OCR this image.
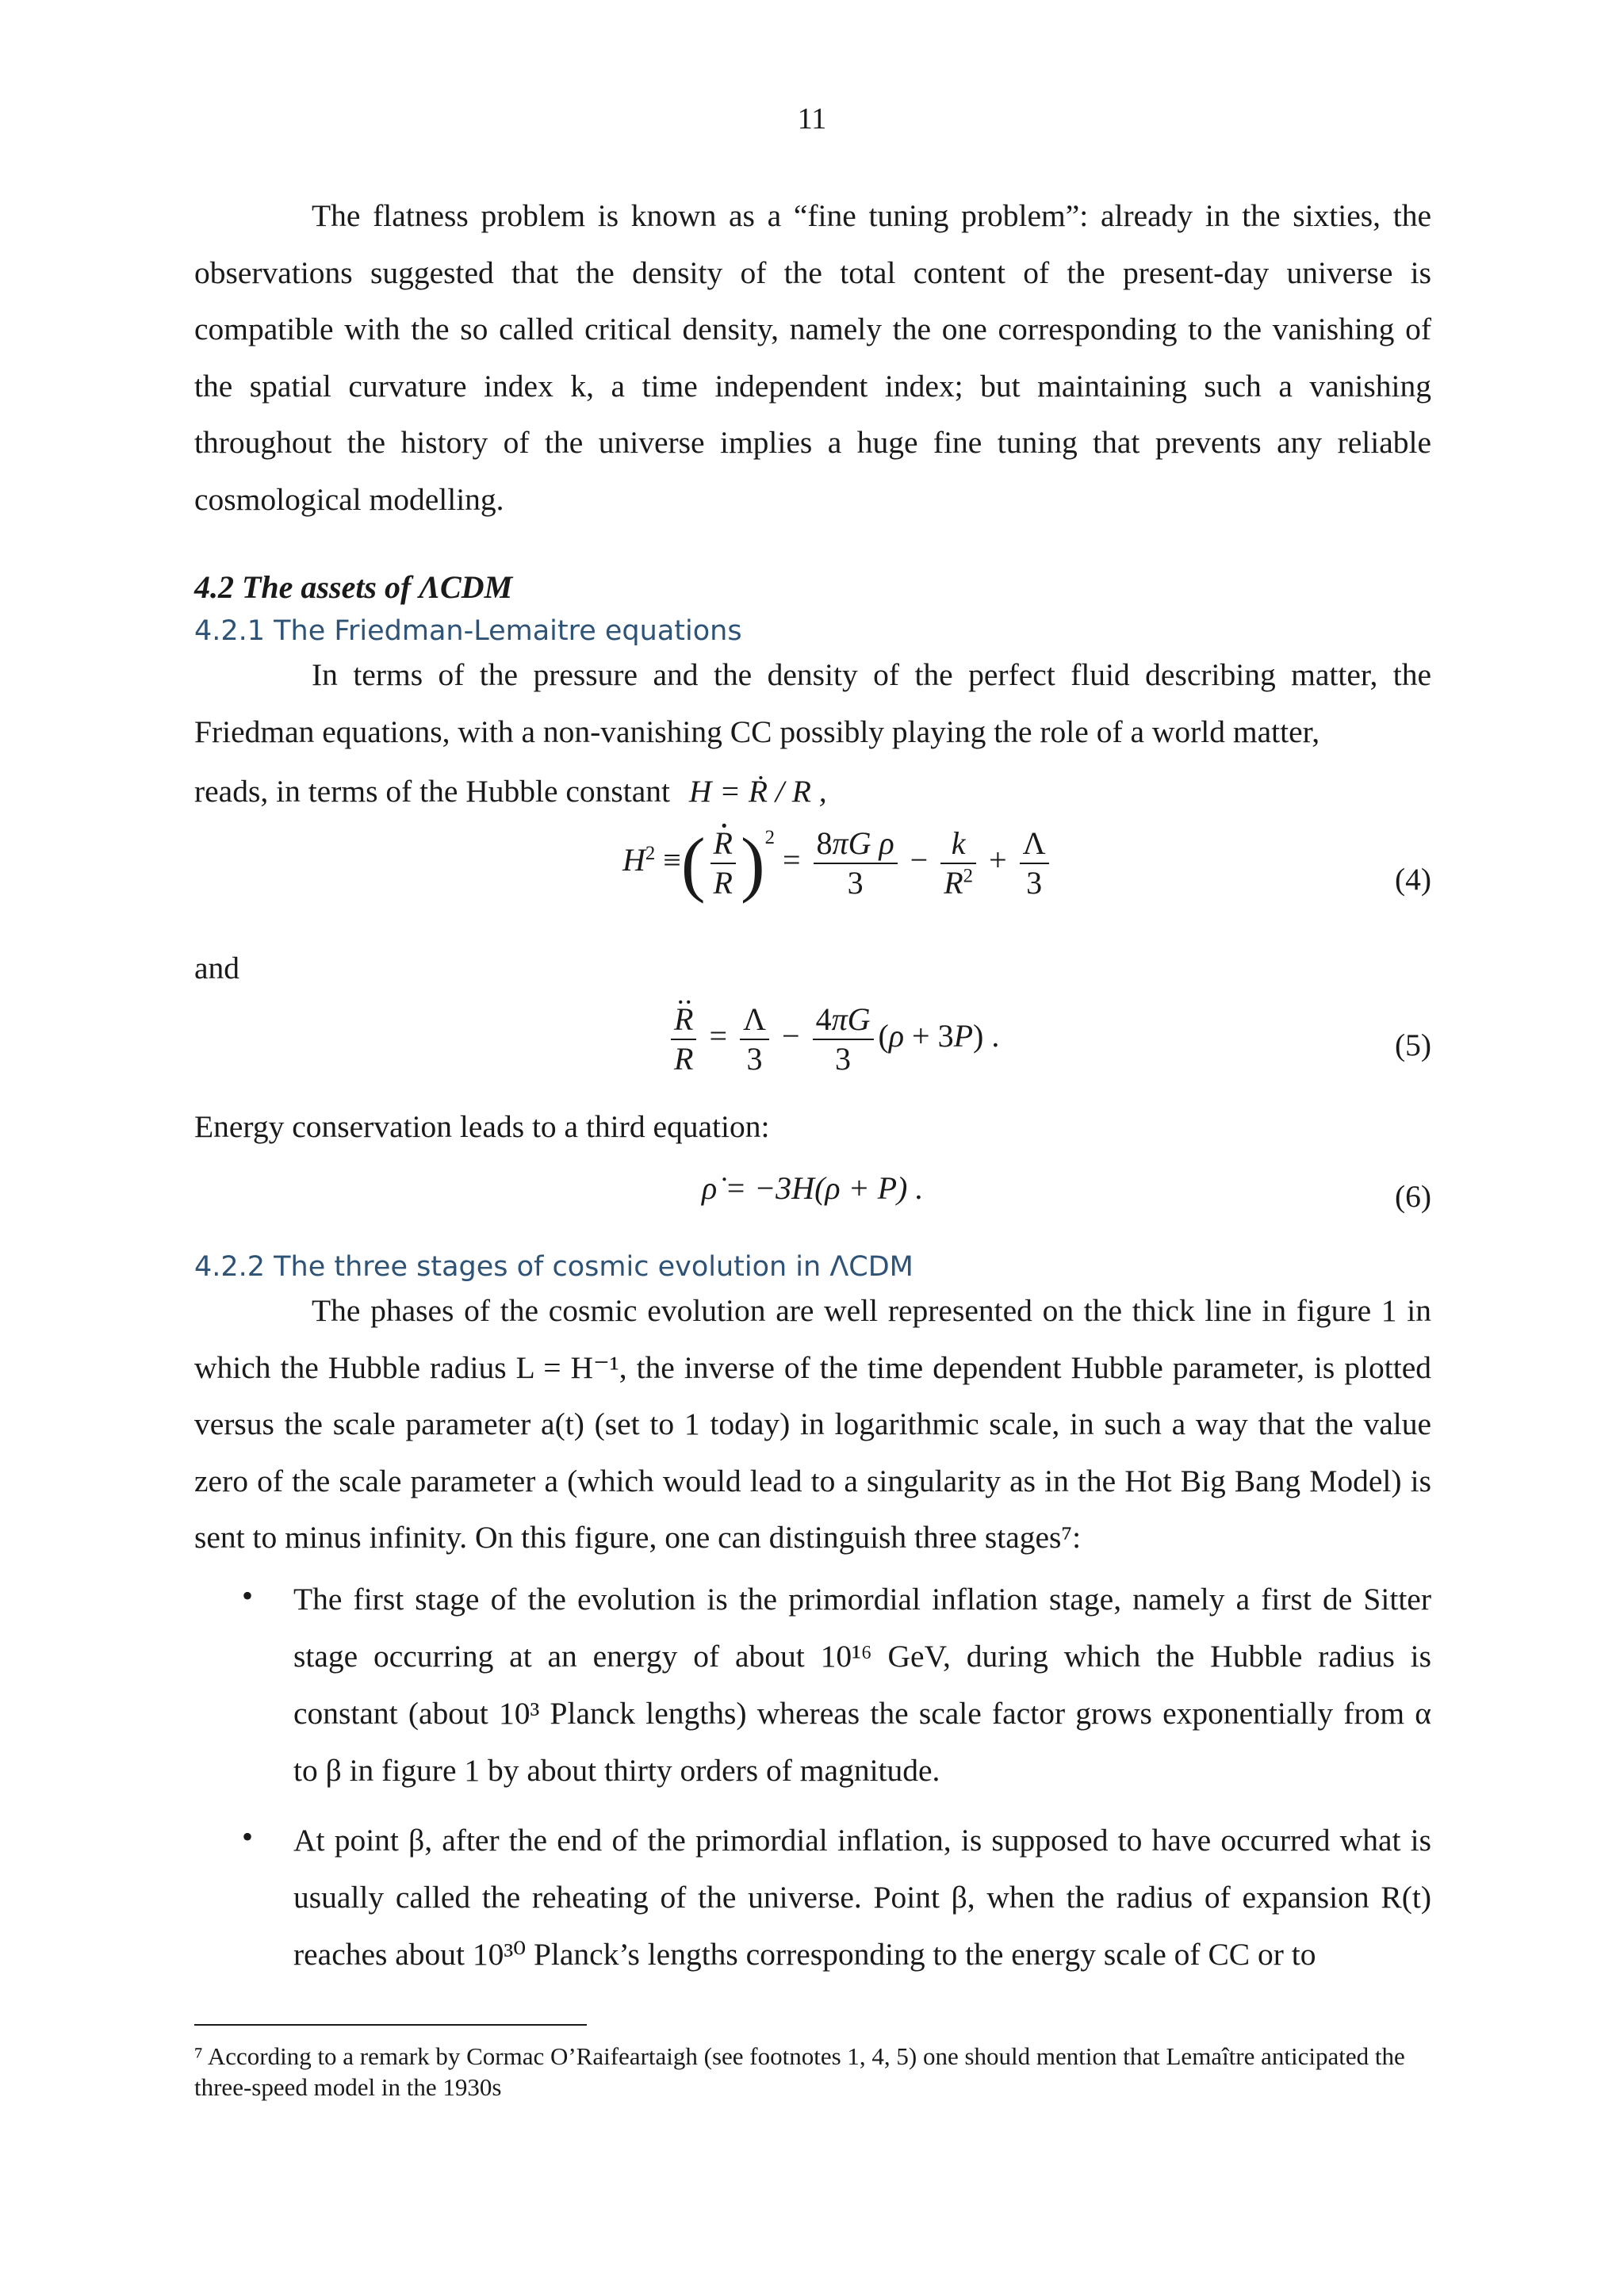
11

The flatness problem is known as a “fine tuning problem”: already in the sixties, the observations suggested that the density of the total content of the present-day universe is compatible with the so called critical density, namely the one corresponding to the vanishing of the spatial curvature index k, a time independent index; but maintaining such a vanishing throughout the history of the universe implies a huge fine tuning that prevents any reliable cosmological modelling.

4.2 The assets of ΛCDM
4.2.1 The Friedman-Lemaitre equations

In terms of the pressure and the density of the perfect fluid describing matter, the Friedman equations, with a non-vanishing CC possibly playing the role of a world matter,

reads, in terms of the Hubble constant H = Ṙ / R ,
$H^2$ ≡( $\frac{R \cdot}{R} )^2 = \frac{\text{8πG ρ}}{3} - \frac{k}{R^2} + \frac{\Lambda}{3}$	(4)
and
$\frac{R \cdot\cdot}{R} = \frac{\Lambda}{3} - \frac{4\pi G}{3} (\rho + 3P)$ .	(5)
Energy conservation leads to a third equation:
ρ̇ = −3H(ρ + P) .	(6)
4.2.2 The three stages of cosmic evolution in ΛCDM

The phases of the cosmic evolution are well represented on the thick line in figure 1 in which the Hubble radius L = H⁻¹, the inverse of the time dependent Hubble parameter, is plotted versus the scale parameter a(t) (set to 1 today) in logarithmic scale, in such a way that the value zero of the scale parameter a (which would lead to a singularity as in the Hot Big Bang Model) is sent to minus infinity. On this figure, one can distinguish three stages⁷:

• The first stage of the evolution is the primordial inflation stage, namely a first de Sitter stage occurring at an energy of about 10¹⁶ GeV, during which the Hubble radius is constant (about 10³ Planck lengths) whereas the scale factor grows exponentially from α to β in figure 1 by about thirty orders of magnitude.

• At point β, after the end of the primordial inflation, is supposed to have occurred what is usually called the reheating of the universe. Point β, when the radius of expansion R(t) reaches about 10³⁰ Planck’s lengths corresponding to the energy scale of CC or to

⁷ According to a remark by Cormac O’Raifeartaigh (see footnotes 1, 4, 5) one should mention that Lemaître anticipated the three-speed model in the 1930s
